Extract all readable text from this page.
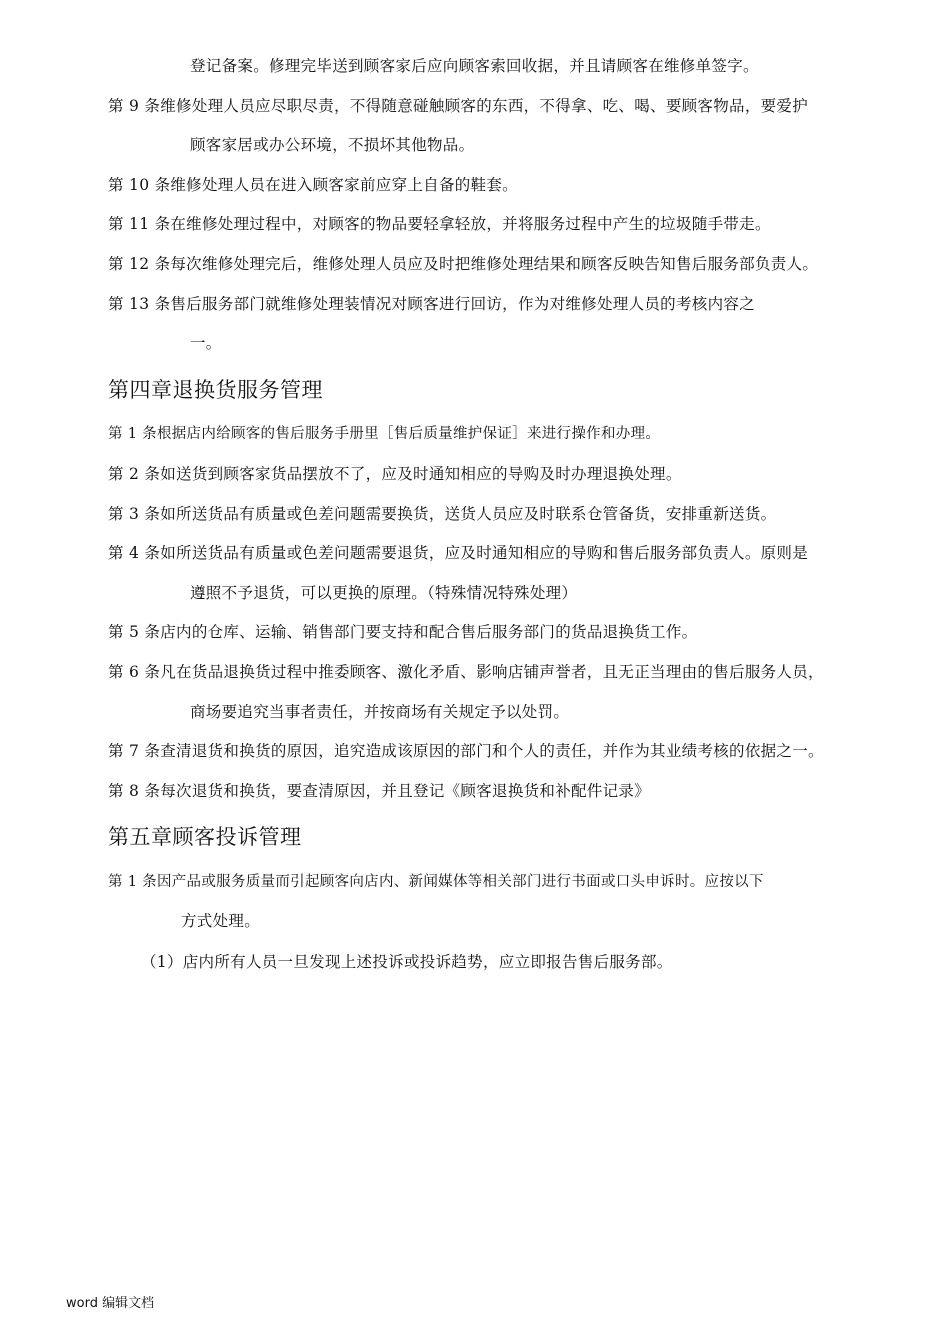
登记备案。修理完毕送到顾客家后应向顾客索回收据，并且请顾客在维修单签字。
第 9 条维修处理人员应尽职尽责，不得随意碰触顾客的东西，不得拿、吃、喝、要顾客物品，要爱护
顾客家居或办公环境，不损坏其他物品。
第 10 条维修处理人员在进入顾客家前应穿上自备的鞋套。
第 11 条在维修处理过程中，对顾客的物品要轻拿轻放，并将服务过程中产生的垃圾随手带走。
第 12 条每次维修处理完后，维修处理人员应及时把维修处理结果和顾客反映告知售后服务部负责人。
第 13 条售后服务部门就维修处理装情况对顾客进行回访，作为对维修处理人员的考核内容之
一。
第四章退换货服务管理
第 1 条根据店内给顾客的售后服务手册里［售后质量维护保证］来进行操作和办理。
第 2 条如送货到顾客家货品摆放不了，应及时通知相应的导购及时办理退换处理。
第 3 条如所送货品有质量或色差问题需要换货，送货人员应及时联系仓管备货，安排重新送货。
第 4 条如所送货品有质量或色差问题需要退货，应及时通知相应的导购和售后服务部负责人。原则是
遵照不予退货，可以更换的原理。（特殊情况特殊处理）
第 5 条店内的仓库、运输、销售部门要支持和配合售后服务部门的货品退换货工作。
第 6 条凡在货品退换货过程中推委顾客、激化矛盾、影响店铺声誉者，且无正当理由的售后服务人员，
商场要追究当事者责任，并按商场有关规定予以处罚。
第 7 条查清退货和换货的原因，追究造成该原因的部门和个人的责任，并作为其业绩考核的依据之一。
第 8 条每次退货和换货，要查清原因，并且登记《顾客退换货和补配件记录》
第五章顾客投诉管理
第 1 条因产品或服务质量而引起顾客向店内、新闻媒体等相关部门进行书面或口头申诉时。应按以下
方式处理。
（1）店内所有人员一旦发现上述投诉或投诉趋势，应立即报告售后服务部。
word 编辑文档
